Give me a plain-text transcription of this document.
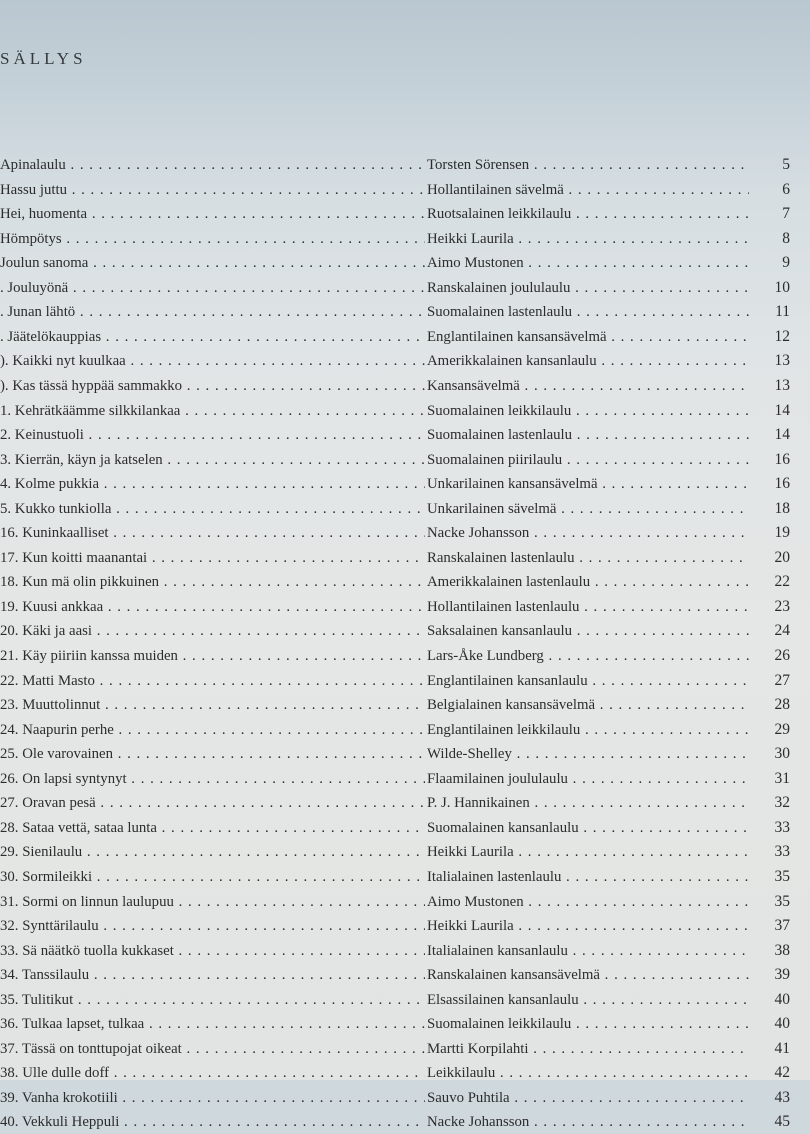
SÄLLYS
Apinalaulu . . .	Torsten Sörensen . . .	5
Hassu juttu . . .	Hollantilainen sävelmä . . .	6
Hei, huomenta . . .	Ruotsalainen leikkilaulu . . .	7
Hömpötys . . .	Heikki Laurila . . .	8
Joulun sanoma . . .	Aimo Mustonen . . .	9
. Jouluyönä . . .	Ranskalainen joululaulu . . .	10
. Junan lähtö . . .	Suomalainen lastenlaulu . . .	11
. Jäätelökauppias . . .	Englantilainen kansansävelmä . . .	12
). Kaikki nyt kuulkaa . . .	Amerikkalainen kansanlaulu . . .	13
). Kas tässä hyppää sammakko . . .	Kansansävelmä . . .	13
1. Kehrätkäämme silkkilankaa . . .	Suomalainen leikkilaulu . . .	14
2. Keinustuoli . . .	Suomalainen lastenlaulu . . .	14
3. Kierrän, käyn ja katselen . . .	Suomalainen piirilaulu . . .	16
4. Kolme pukkia . . .	Unkarilainen kansansävelmä . . .	16
5. Kukko tunkiolla . . .	Unkarilainen sävelmä . . .	18
16. Kuninkaalliset . . .	Nacke Johansson . . .	19
17. Kun koitti maanantai . . .	Ranskalainen lastenlaulu . . .	20
18. Kun mä olin pikkuinen . . .	Amerikkalainen lastenlaulu . . .	22
19. Kuusi ankkaa . . .	Hollantilainen lastenlaulu . . .	23
20. Käki ja aasi . . .	Saksalainen kansanlaulu . . .	24
21. Käy piiriin kanssa muiden . . .	Lars-Åke Lundberg . . .	26
22. Matti Masto . . .	Englantilainen kansanlaulu . . .	27
23. Muuttolinnut . . .	Belgialainen kansansävelmä . . .	28
24. Naapurin perhe . . .	Englantilainen leikkilaulu . . .	29
25. Ole varovainen . . .	Wilde-Shelley . . .	30
26. On lapsi syntynyt . . .	Flaamilainen joululaulu . . .	31
27. Oravan pesä . . .	P. J. Hannikainen . . .	32
28. Sataa vettä, sataa lunta . . .	Suomalainen kansanlaulu . . .	33
29. Sienilaulu . . .	Heikki Laurila . . .	33
30. Sormileikki . . .	Italialainen lastenlaulu . . .	35
31. Sormi on linnun laulupuu . . .	Aimo Mustonen . . .	35
32. Synttärilaulu . . .	Heikki Laurila . . .	37
33. Sä näätkö tuolla kukkaset . . .	Italialainen kansanlaulu . . .	38
34. Tanssilaulu . . .	Ranskalainen kansansävelmä . . .	39
35. Tulitikut . . .	Elsassilainen kansanlaulu . . .	40
36. Tulkaa lapset, tulkaa . . .	Suomalainen leikkilaulu . . .	40
37. Tässä on tonttupojat oikeat . . .	Martti Korpilahti . . .	41
38. Ulle dulle doff . . .	Leikkilaulu . . .	42
39. Vanha krokotiili . . .	Sauvo Puhtila . . .	43
40. Vekkuli Heppuli . . .	Nacke Johansson . . .	45
